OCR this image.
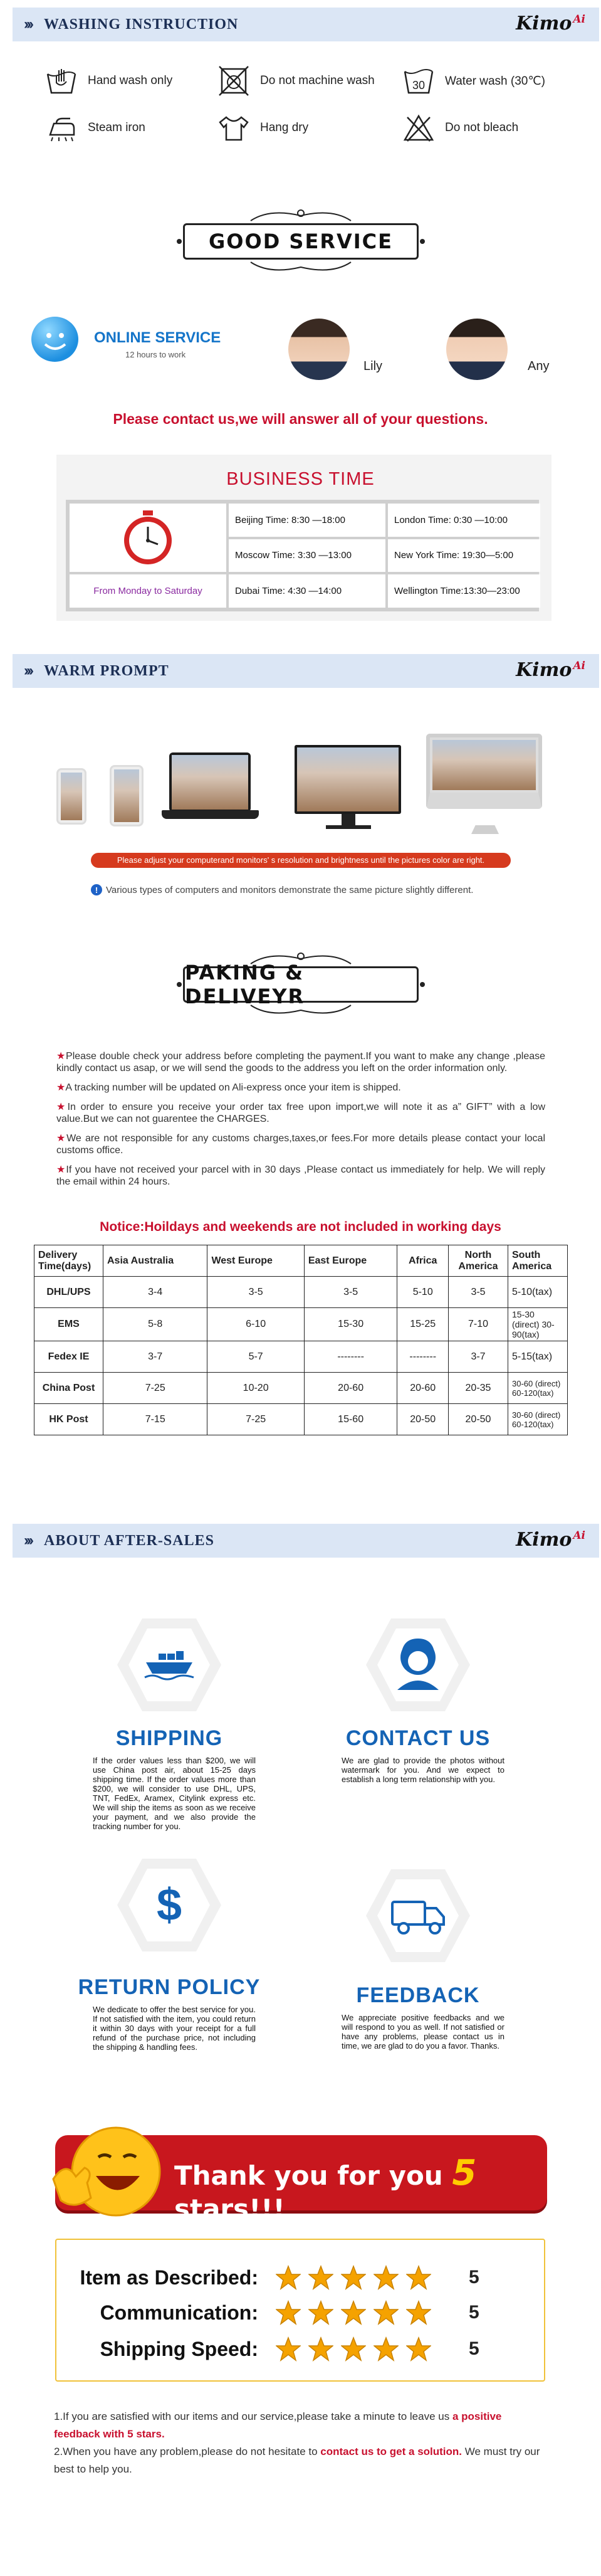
››› WASHING INSTRUCTION	Kimo $^{Ai}$
Hand wash only	Do not machine wash	30 Water wash (30℃)
Steam iron	Hang dry	Do not bleach
GOOD SERVICE
ONLINE SERVICE
12 hours to work
Lily	Any
Please contact us,we will answer all of your questions.
BUSINESS TIME
Beijing Time: 8:30 —18:00	London Time: 0:30 —10:00
Moscow Time: 3:30 —13:00	New York Time: 19:30—5:00
From Monday to Saturday	Dubai Time: 4:30 —14:00	Wellington Time:13:30—23:00
››› WARM PROMPT	Kimo $^{Ai}$
Please adjust your computerand monitors' s resolution and brightness until the pictures color are right.
! Various types of computers and monitors demonstrate the same picture slightly different.
PAKING & DELIVEYR
★Please double check your address before completing the payment.If you want to make any change ,please kindly contact us asap, or we will send the goods to the address you left on the order information only.
★A tracking number will be updated on Ali-express once your item is shipped.
★In order to ensure you receive your order tax free upon import,we will note it as a” GIFT” with a low value.But we can not guarentee the CHARGES.
★We are not responsible for any customs charges,taxes,or fees.For more details please contact your local customs office.
★If you have not received your parcel with in 30 days ,Please contact us immediately for help. We will reply the email within 24 hours.
Notice:Hoildays and weekends are not included in working days
Delivery Time(days)	Asia Australia	West Europe	East Europe	Africa	North America	South America
DHL/UPS	3-4	3-5	3-5	5-10	3-5	5-10(tax)
EMS	5-8	6-10	15-30	15-25	7-10	15-30 (direct) 30-90(tax)
Fedex IE	3-7	5-7	--------	--------	3-7	5-15(tax)
China Post	7-25	10-20	20-60	20-60	20-35	30-60 (direct) 60-120(tax)
HK Post	7-15	7-25	15-60	20-50	20-50	30-60 (direct) 60-120(tax)
››› ABOUT AFTER-SALES	Kimo $^{Ai}$
SHIPPING
If the order values less than $200, we will use China post air, about 15-25 days shipping time. If the order values more than $200, we will consider to use DHL, UPS, TNT, FedEx, Aramex, Citylink express etc. We will ship the items as soon as we receive your payment, and we also provide the tracking number for you.
CONTACT US
We are glad to provide the photos without watermark for you. And we expect to establish a long term relationship with you.
$
RETURN POLICY
We dedicate to offer the best service for you. If not satisfied with the item, you could return it within 30 days with your receipt for a full refund of the purchase price, not including the shipping & handling fees.
FEEDBACK
We appreciate positive feedbacks and we will respond to you as well. If not satisfied or have any problems, please contact us in time, we are glad to do you a favor. Thanks.
Thank you for you 5 stars!!!
Item as Described:	5
Communication:	5
Shipping Speed:	5
1.If you are satisfied with our items and our service,please take a minute to leave us a positive feedback with 5 stars.
2.When you have any problem,please do not hesitate to contact us to get a solution. We must try our best to help you.
